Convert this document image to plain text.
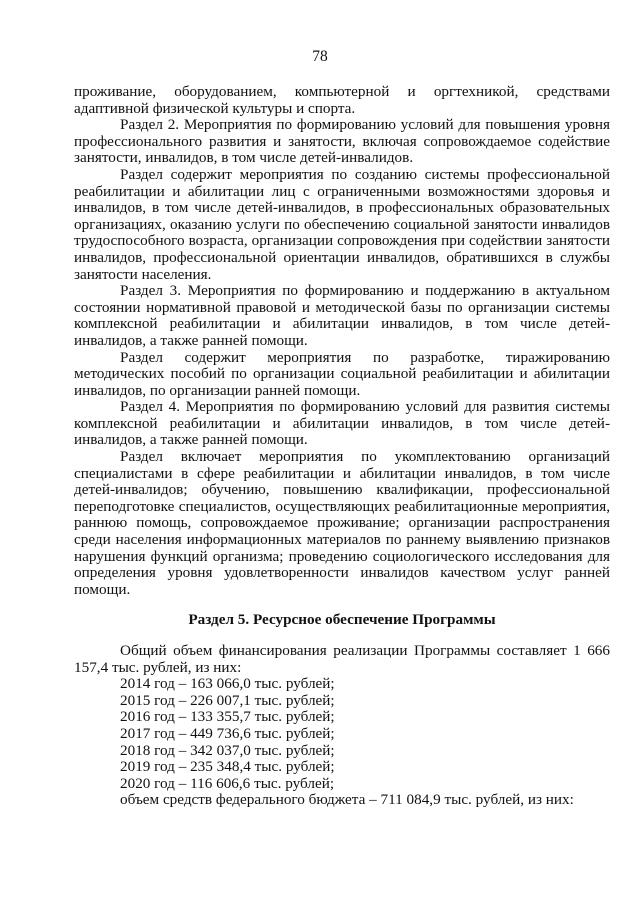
78

проживание, оборудованием, компьютерной и оргтехникой, средствами адаптивной физической культуры и спорта.

Раздел 2. Мероприятия по формированию условий для повышения уровня профессионального развития и занятости, включая сопровождаемое содействие занятости, инвалидов, в том числе детей-инвалидов.

Раздел содержит мероприятия по созданию системы профессиональной реабилитации и абилитации лиц с ограниченными возможностями здоровья и инвалидов, в том числе детей-инвалидов, в профессиональных образовательных организациях, оказанию услуги по обеспечению социальной занятости инвалидов трудоспособного возраста, организации сопровождения при содействии занятости инвалидов, профессиональной ориентации инвалидов, обратившихся в службы занятости населения.

Раздел 3. Мероприятия по формированию и поддержанию в актуальном состоянии нормативной правовой и методической базы по организации системы комплексной реабилитации и абилитации инвалидов, в том числе детей-инвалидов, а также ранней помощи.

Раздел содержит мероприятия по разработке, тиражированию методических пособий по организации социальной реабилитации и абилитации инвалидов, по организации ранней помощи.

Раздел 4. Мероприятия по формированию условий для развития системы комплексной реабилитации и абилитации инвалидов, в том числе детей-инвалидов, а также ранней помощи.

Раздел включает мероприятия по укомплектованию организаций специалистами в сфере реабилитации и абилитации инвалидов, в том числе детей-инвалидов; обучению, повышению квалификации, профессиональной переподготовке специалистов, осуществляющих реабилитационные мероприятия, раннюю помощь, сопровождаемое проживание; организации распространения среди населения информационных материалов по раннему выявлению признаков нарушения функций организма; проведению социологического исследования для определения уровня удовлетворенности инвалидов качеством услуг ранней помощи.

Раздел 5. Ресурсное обеспечение Программы

Общий объем финансирования реализации Программы составляет 1 666 157,4 тыс. рублей, из них:

2014 год – 163 066,0 тыс. рублей;

2015 год – 226 007,1 тыс. рублей;

2016 год – 133 355,7 тыс. рублей;

2017 год – 449 736,6 тыс. рублей;

2018 год – 342 037,0 тыс. рублей;

2019 год – 235 348,4 тыс. рублей;

2020 год – 116 606,6 тыс. рублей;

объем средств федерального бюджета – 711 084,9 тыс. рублей, из них:
